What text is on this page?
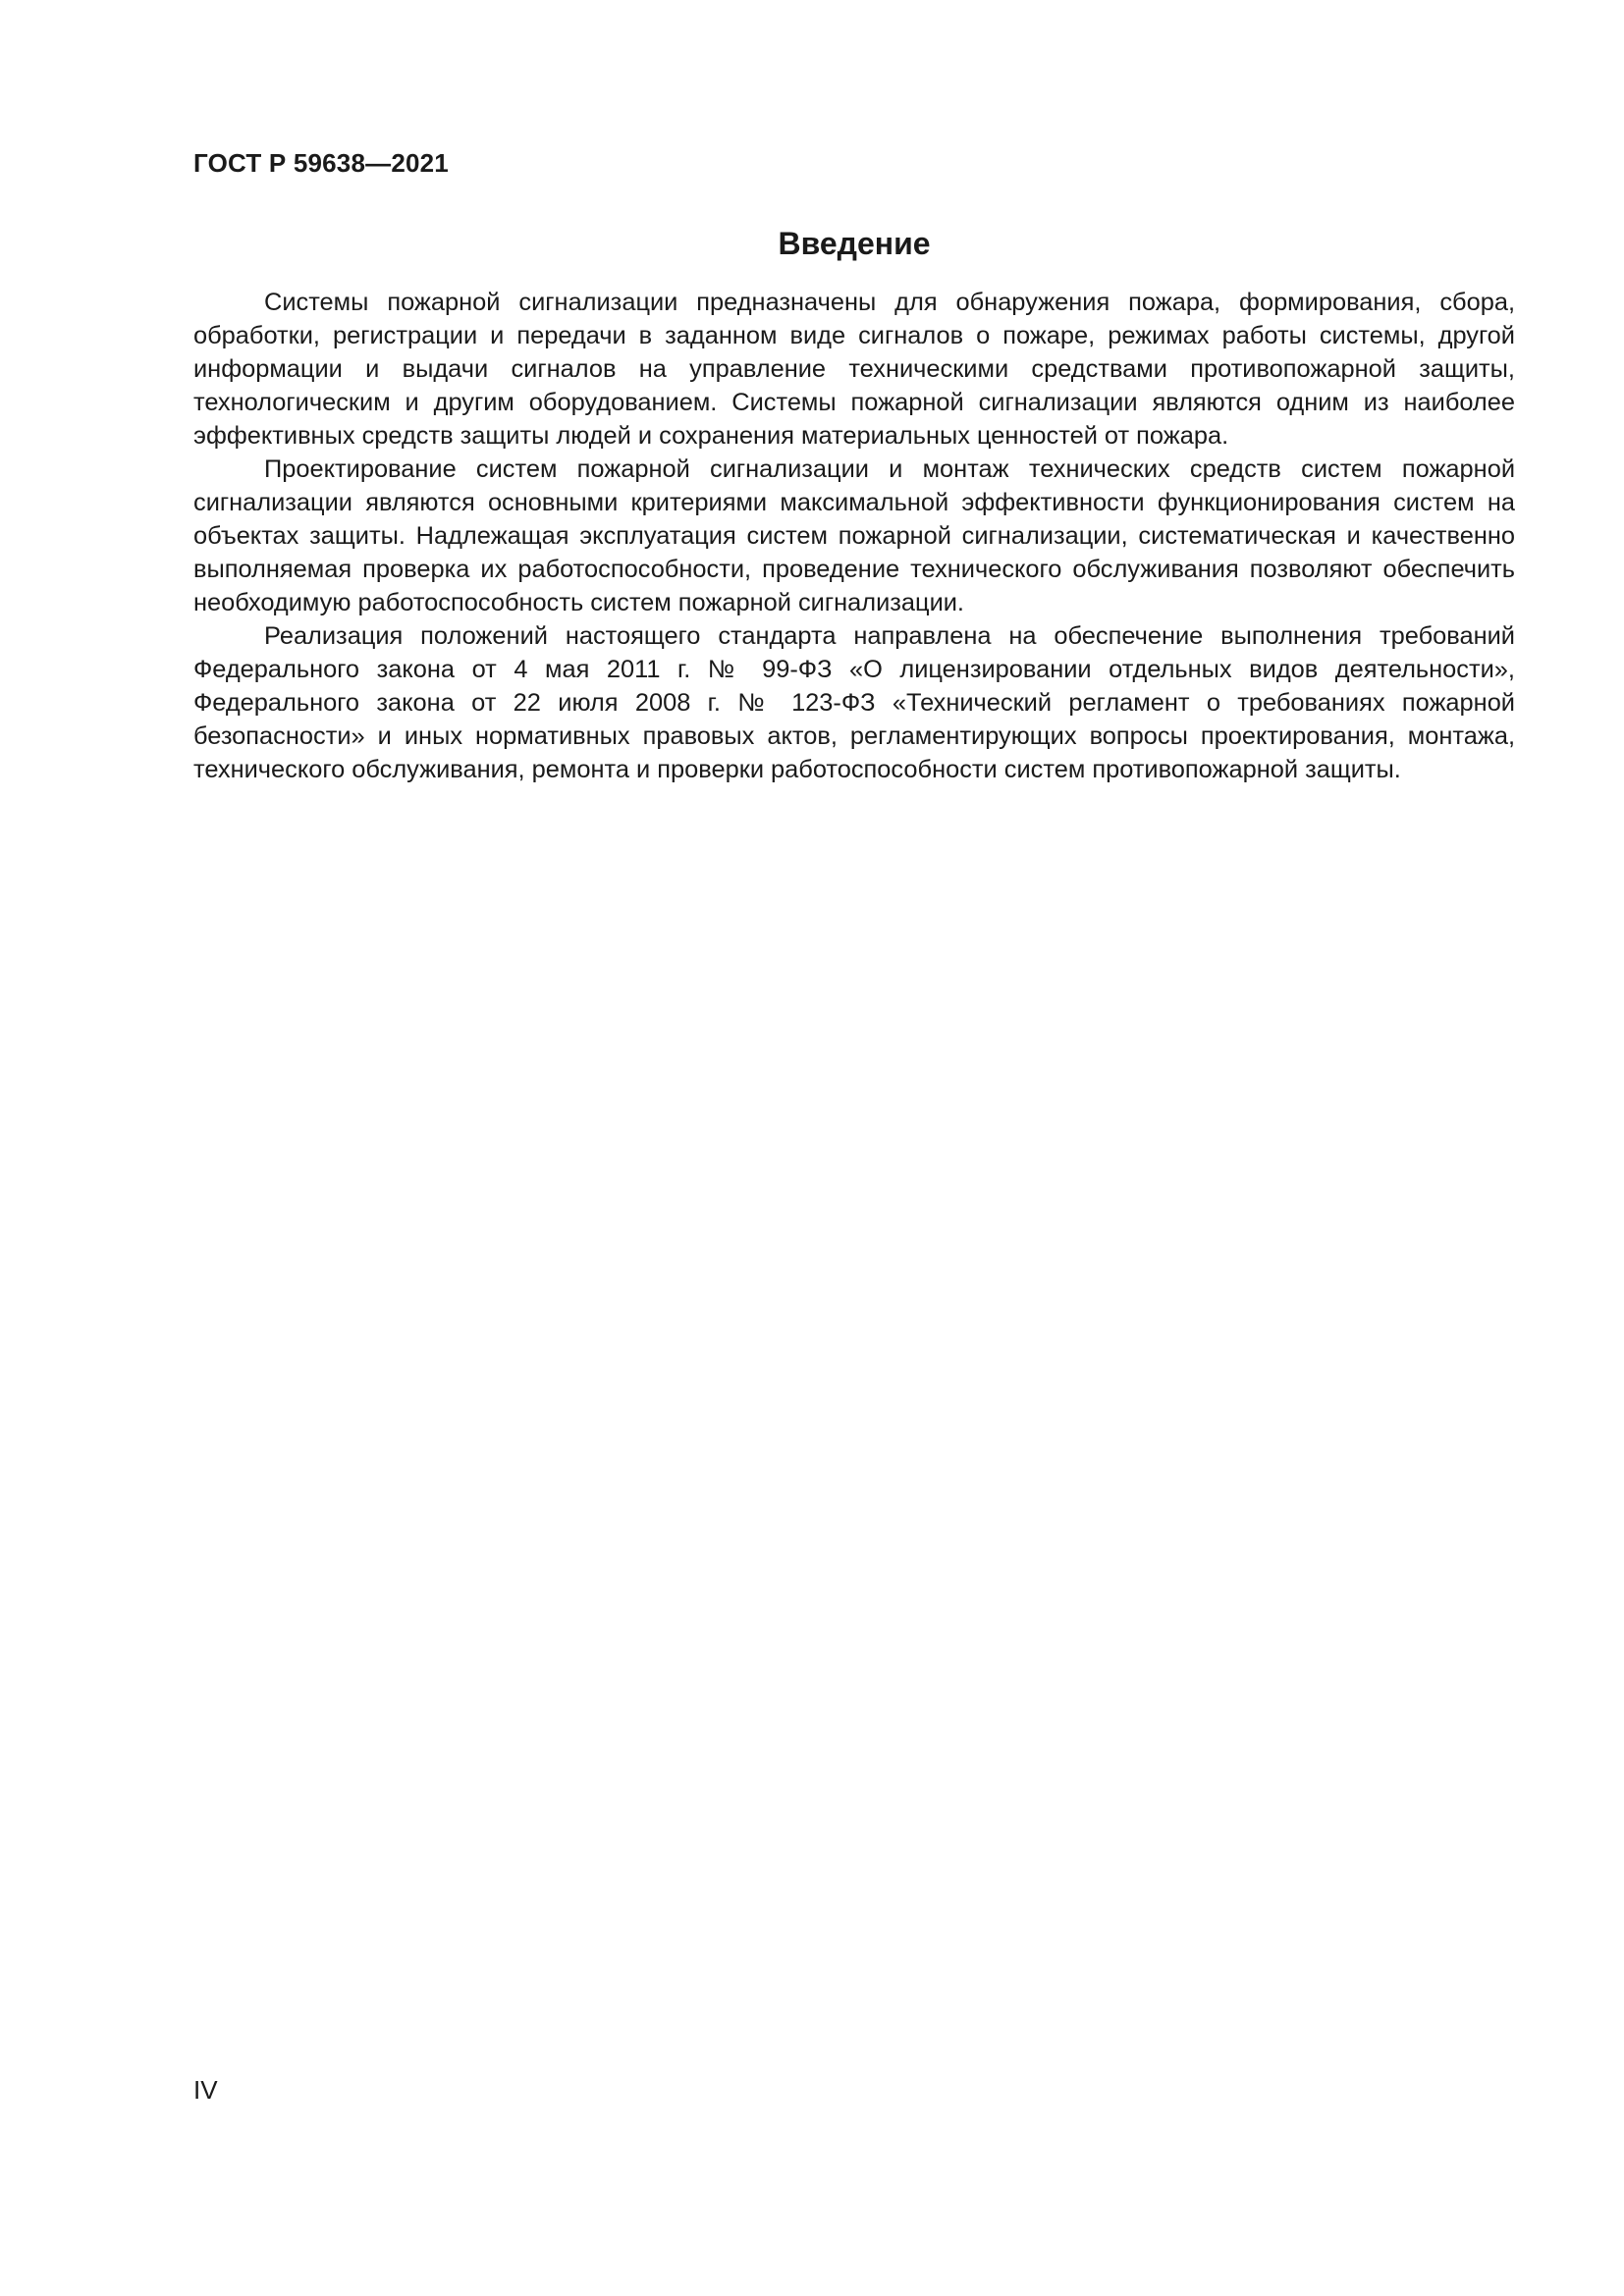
ГОСТ Р 59638—2021
Введение

Системы пожарной сигнализации предназначены для обнаружения пожара, формирования, сбора, обработки, регистрации и передачи в заданном виде сигналов о пожаре, режимах работы системы, другой информации и выдачи сигналов на управление техническими средствами противопожарной защиты, технологическим и другим оборудованием. Системы пожарной сигнализации являются одним из наиболее эффективных средств защиты людей и сохранения материальных ценностей от пожара.

Проектирование систем пожарной сигнализации и монтаж технических средств систем пожарной сигнализации являются основными критериями максимальной эффективности функционирования систем на объектах защиты. Надлежащая эксплуатация систем пожарной сигнализации, систематическая и качественно выполняемая проверка их работоспособности, проведение технического обслуживания позволяют обеспечить необходимую работоспособность систем пожарной сигнализации.

Реализация положений настоящего стандарта направлена на обеспечение выполнения требований Федерального закона от 4 мая 2011 г. № 99-ФЗ «О лицензировании отдельных видов деятельности», Федерального закона от 22 июля 2008 г. № 123-ФЗ «Технический регламент о требованиях пожарной безопасности» и иных нормативных правовых актов, регламентирующих вопросы проектирования, монтажа, технического обслуживания, ремонта и проверки работоспособности систем противопожарной защиты.

IV
